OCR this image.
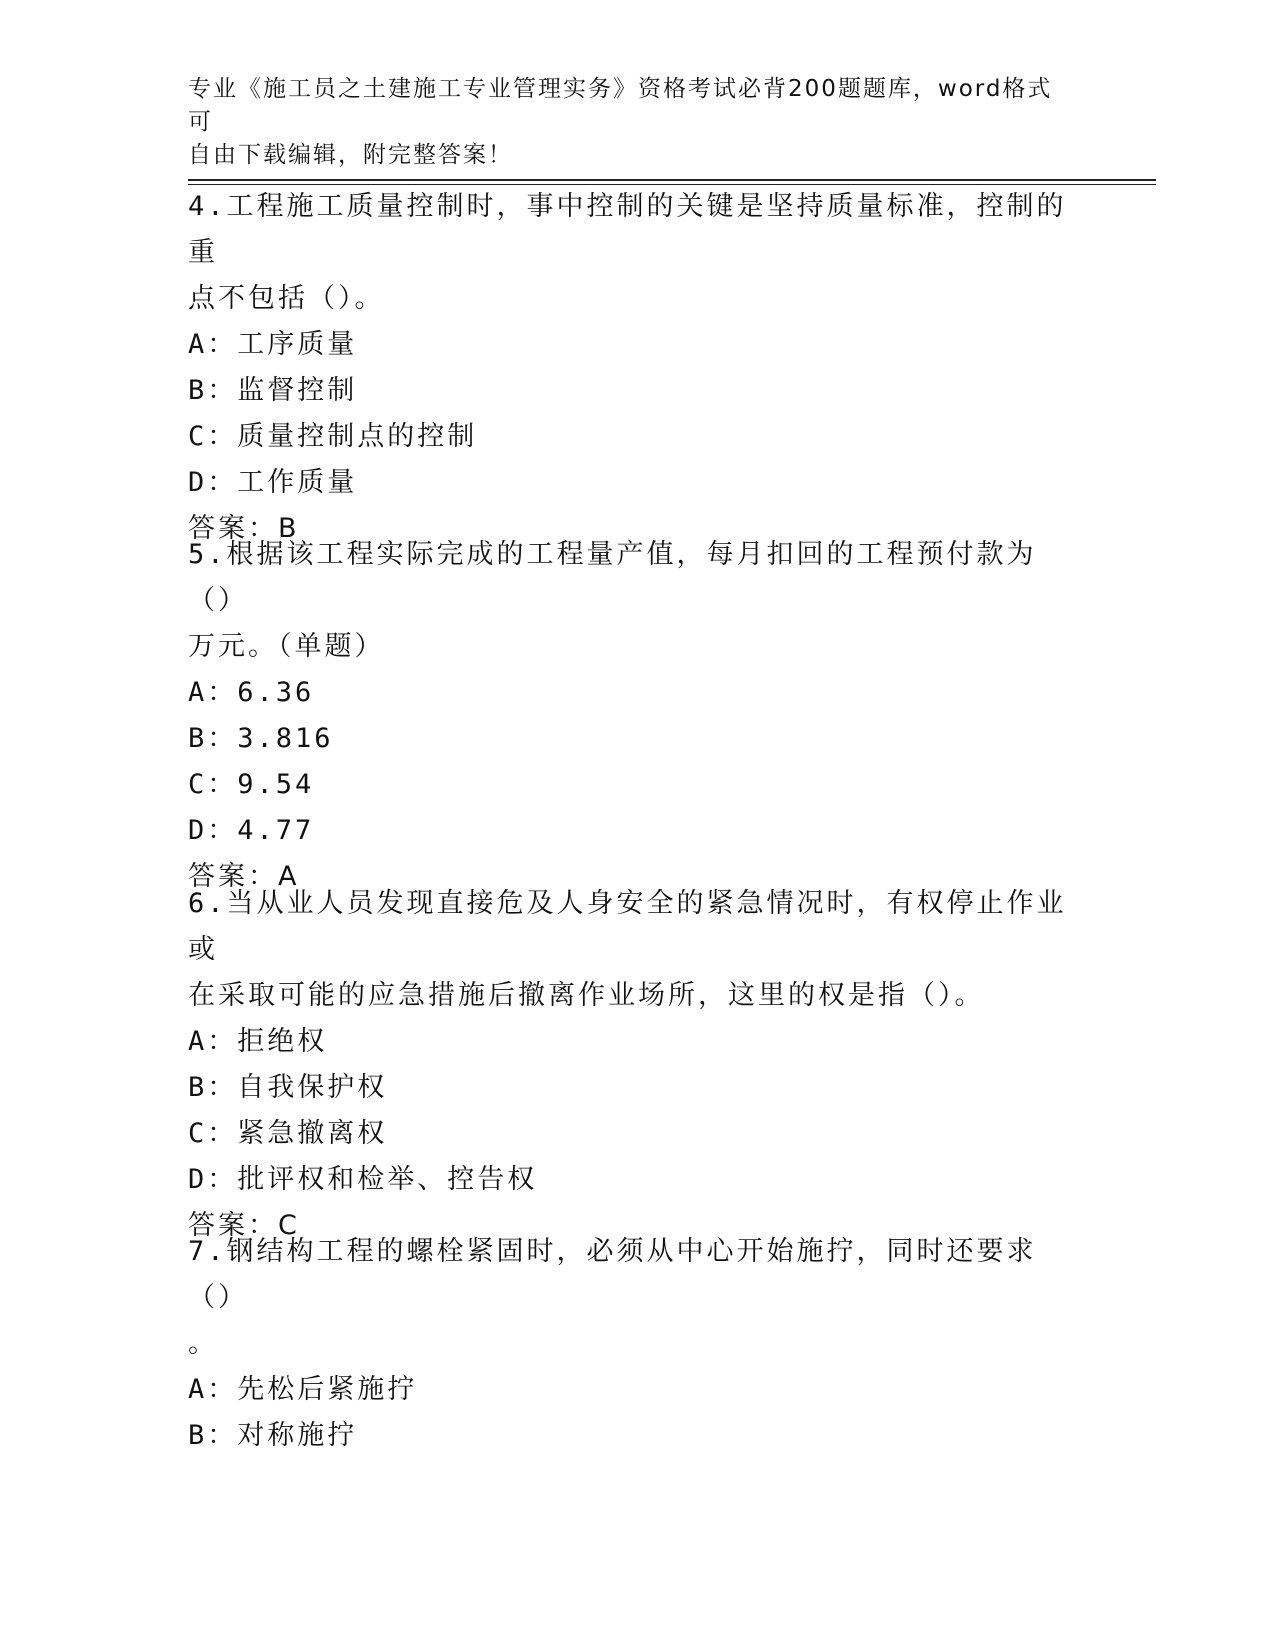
专业《施工员之土建施工专业管理实务》资格考试必背200题题库，word格式可
自由下载编辑，附完整答案！
4.工程施工质量控制时，事中控制的关键是坚持质量标准，控制的重
点不包括（）。
A：工序质量
B：监督控制
C：质量控制点的控制
D：工作质量
答案：B
5.根据该工程实际完成的工程量产值，每月扣回的工程预付款为（）
万元。（单题）
A：6.36
B：3.816
C：9.54
D：4.77
答案：A
6.当从业人员发现直接危及人身安全的紧急情况时，有权停止作业或
在采取可能的应急措施后撤离作业场所，这里的权是指（）。
A：拒绝权
B：自我保护权
C：紧急撤离权
D：批评权和检举、控告权
答案：C
7.钢结构工程的螺栓紧固时，必须从中心开始施拧，同时还要求（）
。
A：先松后紧施拧
B：对称施拧
